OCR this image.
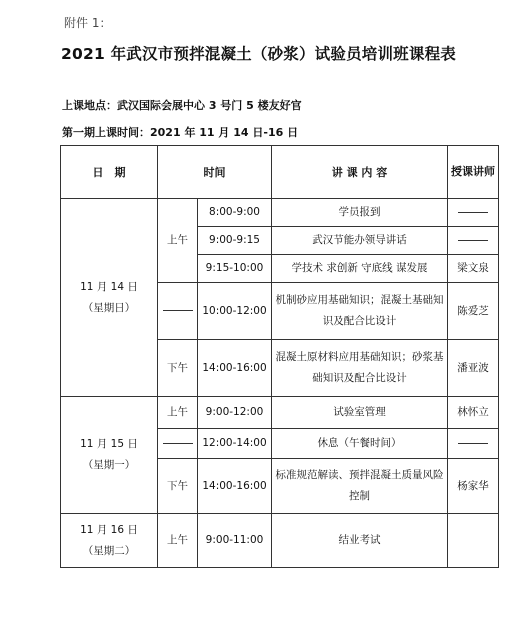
附件 1：
2021 年武汉市预拌混凝土（砂浆）试验员培训班课程表
上课地点：武汉国际会展中心 3 号门 5 楼友好官
第一期上课时间：2021 年 11 月 14 日-16 日
日　期	时间		讲 课 内 容	授课讲师

11 月 14 日
（星期日）	上午	8:00-9:00	学员报到	
		9:00-9:15	武汉节能办领导讲话	
		9:15-10:00	学技术 求创新 守底线 谋发展	梁文泉
		10:00-12:00	机制砂应用基础知识；混凝土基础知识及配合比设计	陈爱芝
	下午	14:00-16:00	混凝土原材料应用基础知识；砂浆基础知识及配合比设计	潘亚波

11 月 15 日
（星期一）	上午	9:00-12:00	试验室管理	林怀立
		12:00-14:00	休息（午餐时间）	
	下午	14:00-16:00	标准规范解读、预拌混凝土质量风险控制	杨家华

11 月 16 日
（星期二）	上午	9:00-11:00	结业考试	
